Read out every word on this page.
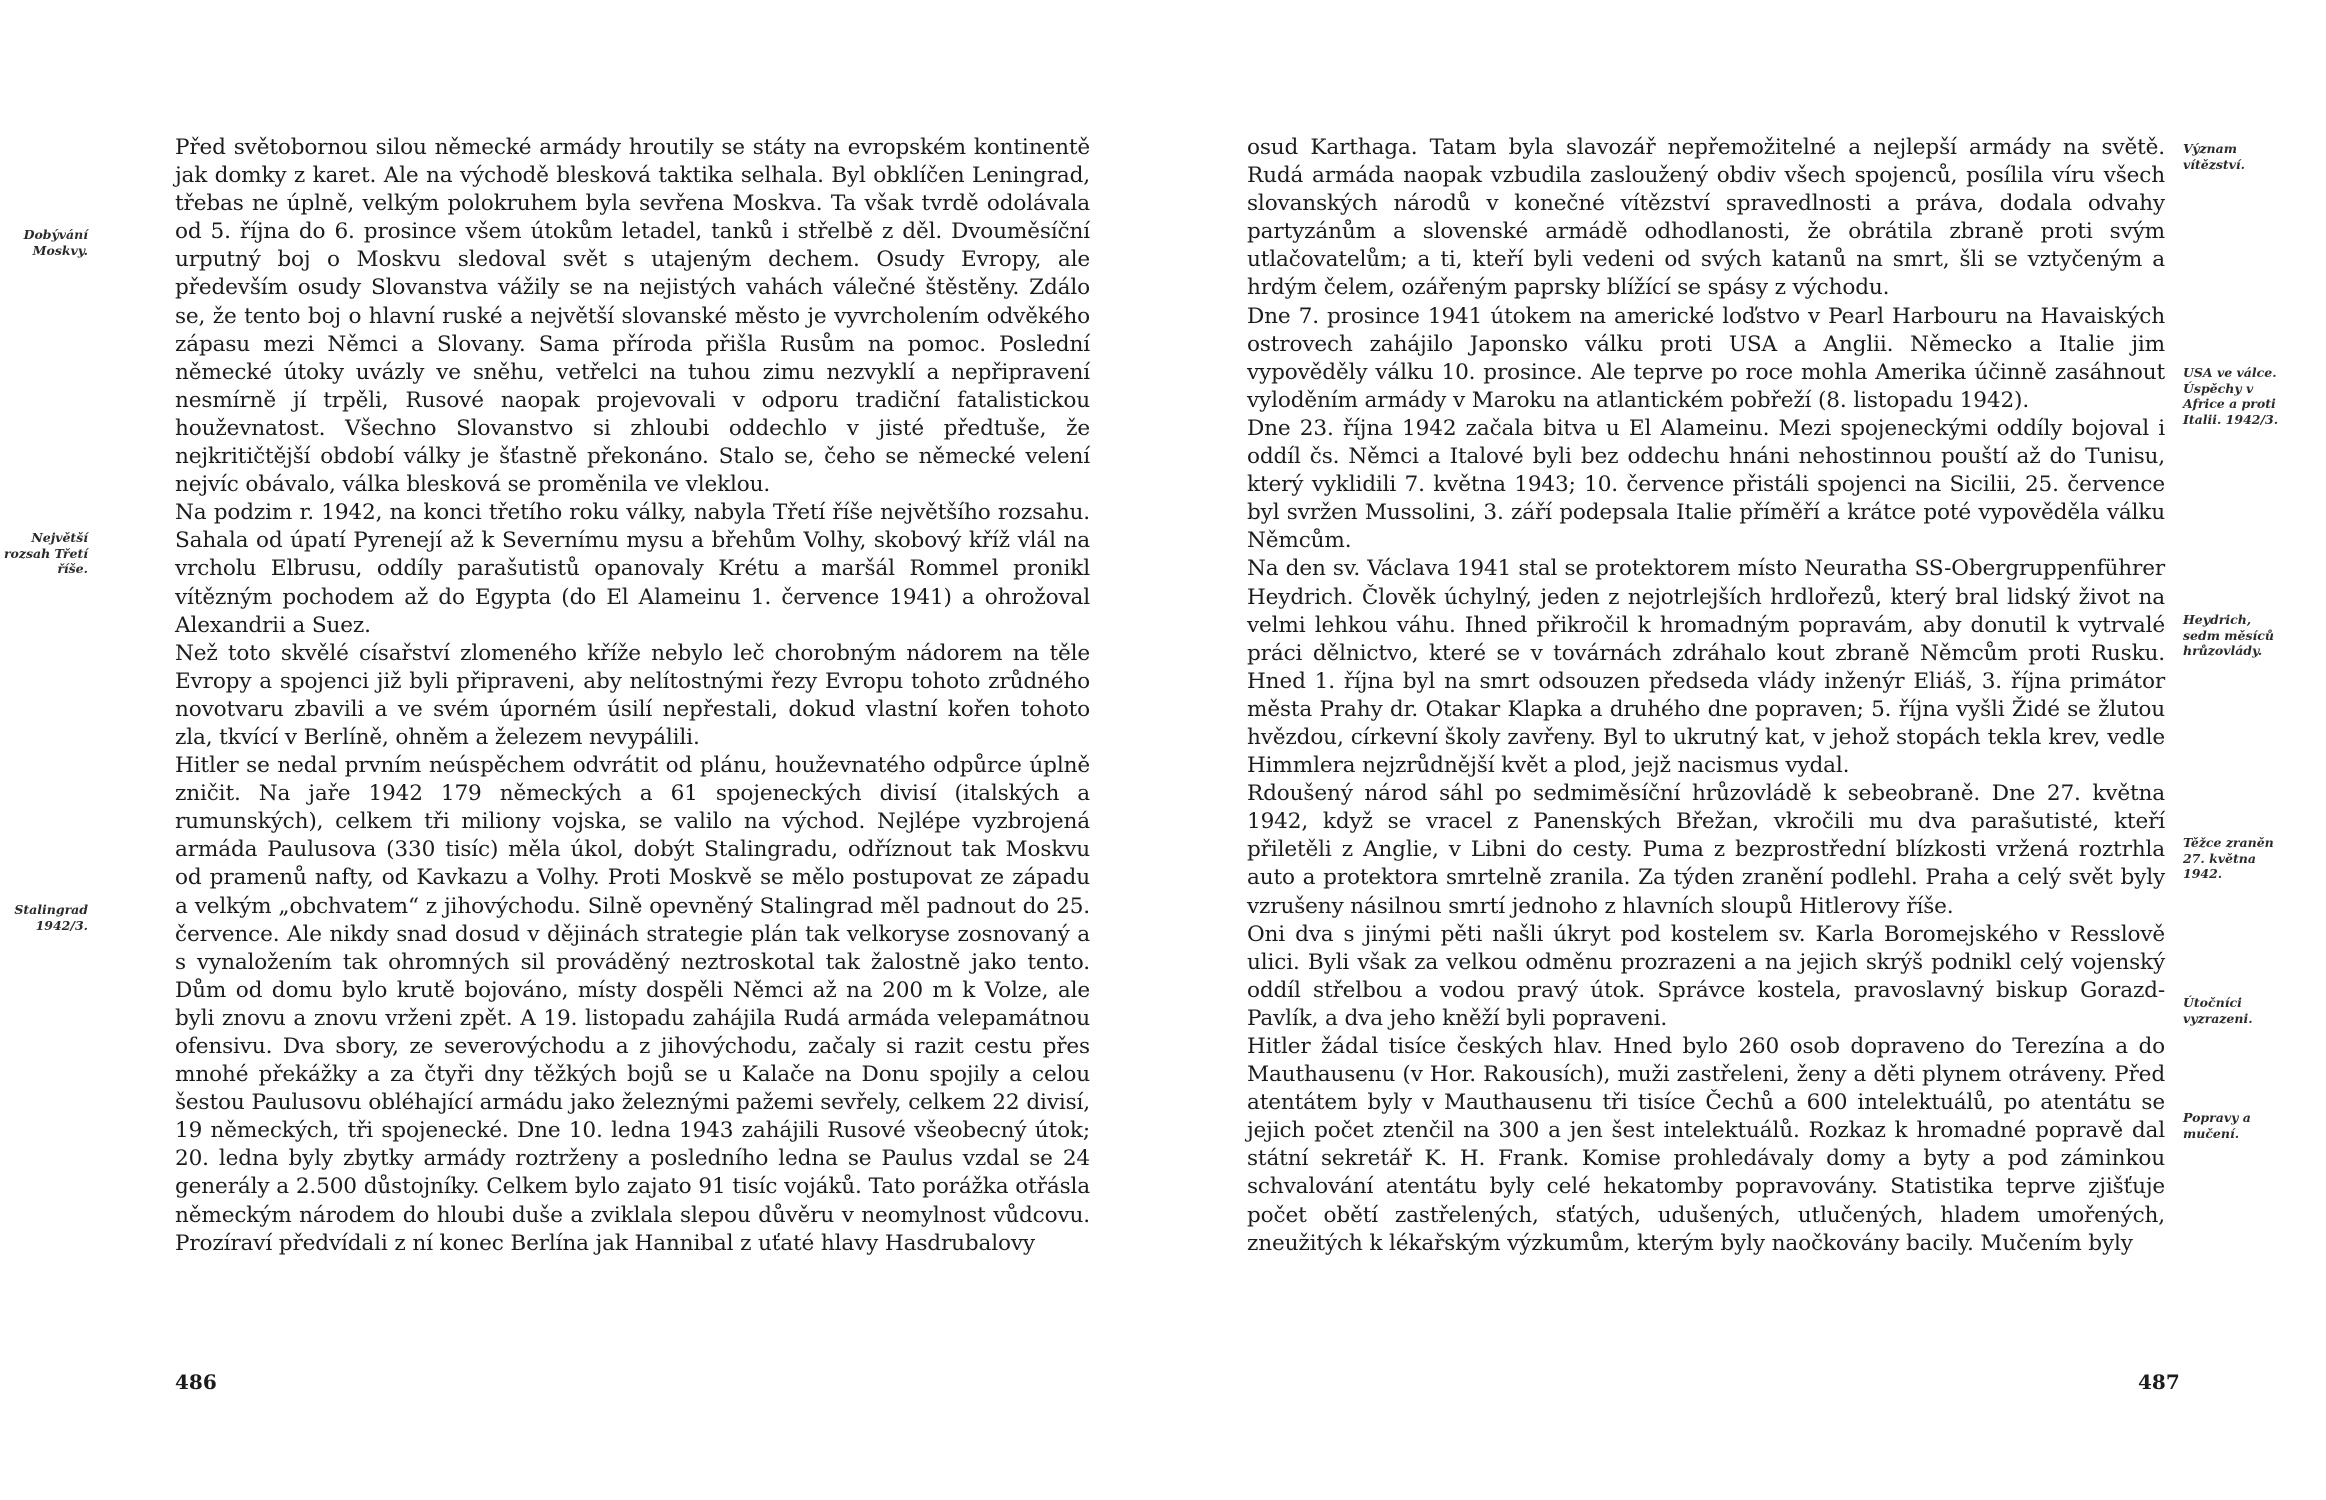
Před světobornou silou německé armády hroutily se státy na evropském kontinentě jak domky z karet. Ale na východě blesková taktika selhala. Byl obklíčen Leningrad, třebas ne úplně, velkým polokruhem byla sevřena Moskva. Ta však tvrdě odolávala od 5. října do 6. prosince všem útokům letadel, tanků i střelbě z děl. Dvouměsíční urputný boj o Moskvu sledoval svět s utajeným dechem. Osudy Evropy, ale především osudy Slovanstva vážily se na nejistých vahách válečné štěstěny. Zdálo se, že tento boj o hlavní ruské a největší slovanské město je vyvrcholením odvěkého zápasu mezi Němci a Slovany. Sama příroda přišla Rusům na pomoc. Poslední německé útoky uvázly ve sněhu, vetřelci na tuhou zimu nezvyklí a nepřipravení nesmírně jí trpěli, Rusové naopak projevovali v odporu tradiční fatalistickou houževnatost. Všechno Slovanstvo si zhloubi oddechlo v jisté předtuše, že nejkritičtější období války je šťastně překonáno. Stalo se, čeho se německé velení nejvíc obávalo, válka blesková se proměnila ve vleklou.

Na podzim r. 1942, na konci třetího roku války, nabyla Třetí říše největšího rozsahu. Sahala od úpatí Pyrenejí až k Severnímu mysu a břehům Volhy, skobový kříž vlál na vrcholu Elbrusu, oddíly parašutistů opanovaly Krétu a maršál Rommel pronikl vítězným pochodem až do Egypta (do El Alameinu 1. července 1941) a ohrožoval Alexandrii a Suez.

Než toto skvělé císařství zlomeného kříže nebylo leč chorobným nádorem na těle Evropy a spojenci již byli připraveni, aby nelítostnými řezy Evropu tohoto zrůdného novotvaru zbavili a ve svém úporném úsilí nepřestali, dokud vlastní kořen tohoto zla, tkvící v Berlíně, ohněm a železem nevypálili.

Hitler se nedal prvním neúspěchem odvrátit od plánu, houževnatého odpůrce úplně zničit. Na jaře 1942 179 německých a 61 spojeneckých divisí (italských a rumunských), celkem tři miliony vojska, se valilo na východ. Nejlépe vyzbrojená armáda Paulusova (330 tisíc) měla úkol, dobýt Stalingradu, odříznout tak Moskvu od pramenů nafty, od Kavkazu a Volhy. Proti Moskvě se mělo postupovat ze západu a velkým „obchvatem“ z jihovýchodu. Silně opevněný Stalingrad měl padnout do 25. července. Ale nikdy snad dosud v dějinách strategie plán tak velkoryse zosnovaný a s vynaložením tak ohromných sil prováděný neztroskotal tak žalostně jako tento. Dům od domu bylo krutě bojováno, místy dospěli Němci až na 200 m k Volze, ale byli znovu a znovu vrženi zpět. A 19. listopadu zahájila Rudá armáda velepamátnou ofensivu. Dva sbory, ze severovýchodu a z jihovýchodu, začaly si razit cestu přes mnohé překážky a za čtyři dny těžkých bojů se u Kalače na Donu spojily a celou šestou Paulusovu obléhající armádu jako železnými pažemi sevřely, celkem 22 divisí, 19 německých, tři spojenecké. Dne 10. ledna 1943 zahájili Rusové všeobecný útok; 20. ledna byly zbytky armády roztrženy a posledního ledna se Paulus vzdal se 24 generály a 2.500 důstojníky. Celkem bylo zajato 91 tisíc vojáků. Tato porážka otřásla německým národem do hloubi duše a zviklala slepou důvěru v neomylnost vůdcovu. Prozíraví předvídali z ní konec Berlína jak Hannibal z uťaté hlavy Hasdrubalovy

Dobývání Moskvy.
Největší rozsah Třetí říše.
Stalingrad 1942/3.
486

osud Karthaga. Tatam byla slavozář nepřemožitelné a nejlepší armády na světě. Rudá armáda naopak vzbudila zasloužený obdiv všech spojenců, posílila víru všech slovanských národů v konečné vítězství spravedlnosti a práva, dodala odvahy partyzánům a slovenské armádě odhodlanosti, že obrátila zbraně proti svým utlačovatelům; a ti, kteří byli vedeni od svých katanů na smrt, šli se vztyčeným a hrdým čelem, ozářeným paprsky blížící se spásy z východu.

Dne 7. prosince 1941 útokem na americké loďstvo v Pearl Harbouru na Havaiských ostrovech zahájilo Japonsko válku proti USA a Anglii. Německo a Italie jim vypověděly válku 10. prosince. Ale teprve po roce mohla Amerika účinně zasáhnout vyloděním armády v Maroku na atlantickém pobřeží (8. listopadu 1942).

Dne 23. října 1942 začala bitva u El Alameinu. Mezi spojeneckými oddíly bojoval i oddíl čs. Němci a Italové byli bez oddechu hnáni nehostinnou pouští až do Tunisu, který vyklidili 7. května 1943; 10. července přistáli spojenci na Sicilii, 25. července byl svržen Mussolini, 3. září podepsala Italie příměří a krátce poté vypověděla válku Němcům.

Na den sv. Václava 1941 stal se protektorem místo Neuratha SS-Obergruppenführer Heydrich. Člověk úchylný, jeden z nejotrlejších hrdlořezů, který bral lidský život na velmi lehkou váhu. Ihned přikročil k hromadným popravám, aby donutil k vytrvalé práci dělnictvo, které se v továrnách zdráhalo kout zbraně Němcům proti Rusku. Hned 1. října byl na smrt odsouzen předseda vlády inženýr Eliáš, 3. října primátor města Prahy dr. Otakar Klapka a druhého dne popraven; 5. října vyšli Židé se žlutou hvězdou, církevní školy zavřeny. Byl to ukrutný kat, v jehož stopách tekla krev, vedle Himmlera nejzrůdnější květ a plod, jejž nacismus vydal.

Rdoušený národ sáhl po sedmiměsíční hrůzovládě k sebeobraně. Dne 27. května 1942, když se vracel z Panenských Břežan, vkročili mu dva parašutisté, kteří přiletěli z Anglie, v Libni do cesty. Puma z bezprostřední blízkosti vržená roztrhla auto a protektora smrtelně zranila. Za týden zranění podlehl. Praha a celý svět byly vzrušeny násilnou smrtí jednoho z hlavních sloupů Hitlerovy říše.

Oni dva s jinými pěti našli úkryt pod kostelem sv. Karla Boromejského v Resslově ulici. Byli však za velkou odměnu prozrazeni a na jejich skrýš podnikl celý vojenský oddíl střelbou a vodou pravý útok. Správce kostela, pravoslavný biskup Gorazd-Pavlík, a dva jeho kněží byli popraveni.

Hitler žádal tisíce českých hlav. Hned bylo 260 osob dopraveno do Terezína a do Mauthausenu (v Hor. Rakousích), muži zastřeleni, ženy a děti plynem otráveny. Před atentátem byly v Mauthausenu tři tisíce Čechů a 600 intelektuálů, po atentátu se jejich počet ztenčil na 300 a jen šest intelektuálů. Rozkaz k hromadné popravě dal státní sekretář K. H. Frank. Komise prohledávaly domy a byty a pod záminkou schvalování atentátu byly celé hekatomby popravovány. Statistika teprve zjišťuje počet obětí zastřelených, sťatých, udušených, utlučených, hladem umořených, zneužitých k lékařským výzkumům, kterým byly naočkovány bacily. Mučením byly

Význam vítězství.
USA ve válce. Úspěchy v Africe a proti Italii. 1942/3.
Heydrich, sedm měsíců hrůzovlády.
Těžce zraněn 27. května 1942.
Útočníci vyzrazeni.
Popravy a mučení.
487
